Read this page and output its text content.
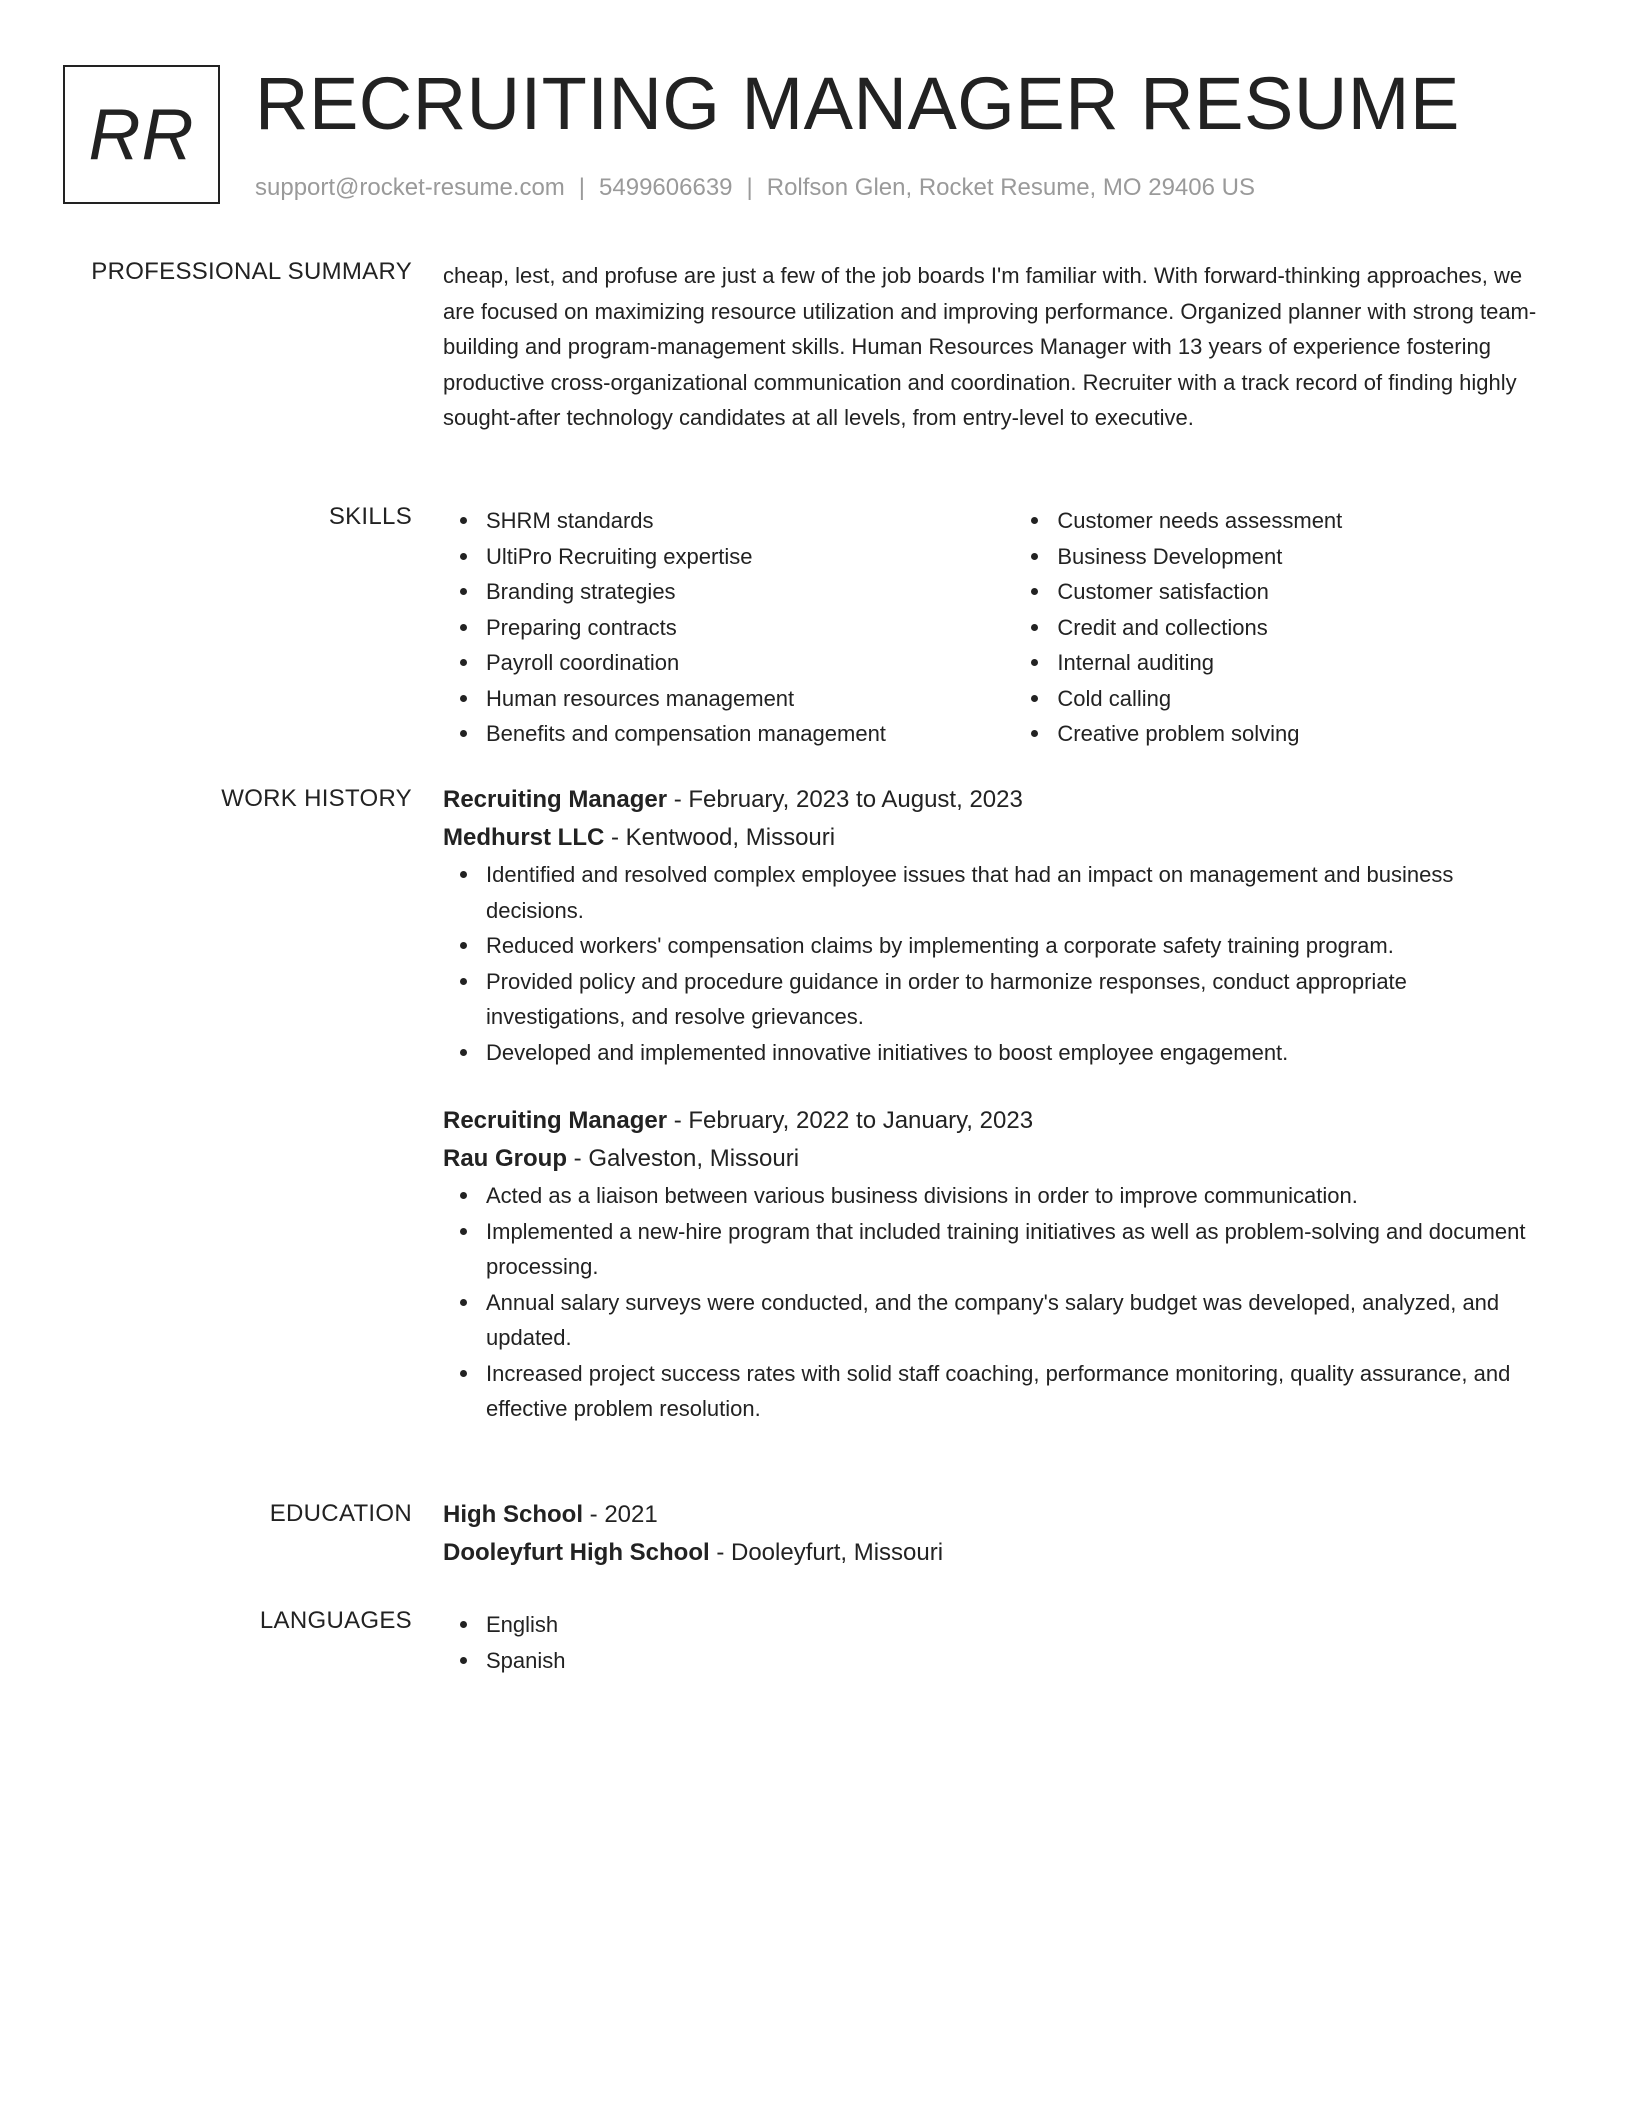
RR RECRUITING MANAGER RESUME
support@rocket-resume.com | 5499606639 | Rolfson Glen, Rocket Resume, MO 29406 US
PROFESSIONAL SUMMARY cheap, lest, and profuse are just a few of the job boards I'm familiar with. With forward-thinking approaches, we are focused on maximizing resource utilization and improving performance. Organized planner with strong team-building and program-management skills. Human Resources Manager with 13 years of experience fostering productive cross-organizational communication and coordination. Recruiter with a track record of finding highly sought-after technology candidates at all levels, from entry-level to executive.

SKILLS	SHRM standards
UltiPro Recruiting expertise
Branding strategies
Preparing contracts
Payroll coordination
Human resources management
Benefits and compensation management
Customer needs assessment
Business Development
Customer satisfaction
Credit and collections
Internal auditing
Cold calling
Creative problem solving
WORK HISTORY Recruiting Manager - February, 2023 to August, 2023
Medhurst LLC - Kentwood, Missouri
Identified and resolved complex employee issues that had an impact on management and business decisions.
Reduced workers' compensation claims by implementing a corporate safety training program.
Provided policy and procedure guidance in order to harmonize responses, conduct appropriate investigations, and resolve grievances.
Developed and implemented innovative initiatives to boost employee engagement.
Recruiting Manager - February, 2022 to January, 2023
Rau Group - Galveston, Missouri
Acted as a liaison between various business divisions in order to improve communication.
Implemented a new-hire program that included training initiatives as well as problem-solving and document processing.
Annual salary surveys were conducted, and the company's salary budget was developed, analyzed, and updated.
Increased project success rates with solid staff coaching, performance monitoring, quality assurance, and effective problem resolution.
EDUCATION High School - 2021
Dooleyfurt High School - Dooleyfurt, Missouri
LANGUAGES	English
Spanish
